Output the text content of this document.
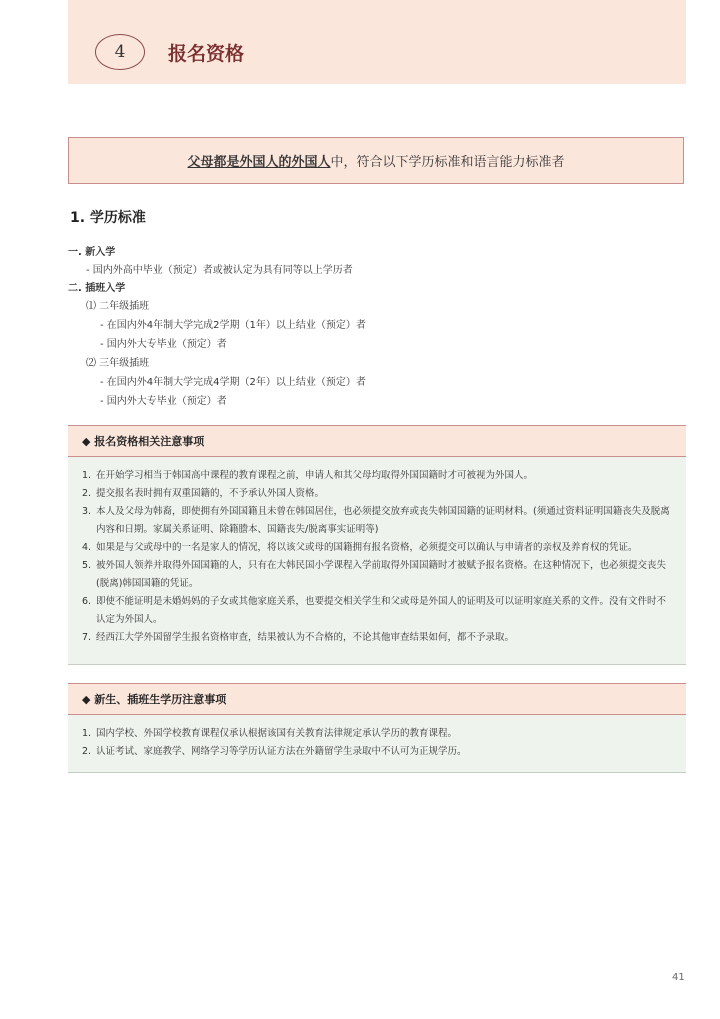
4	报名资格
父母都是外国人的外国人 中，符合以下学历标准和语言能力标准者
1. 学历标准
一. 新入学
- 国内外高中毕业（预定）者或被认定为具有同等以上学历者
二. 插班入学
⑴ 二年级插班
- 在国内外4年制大学完成2学期（1年）以上结业（预定）者
- 国内外大专毕业（预定）者
⑵ 三年级插班
- 在国内外4年制大学完成4学期（2年）以上结业（预定）者
- 国内外大专毕业（预定）者
◆ 报名资格相关注意事项
1. 在开始学习相当于韩国高中课程的教育课程之前，申请人和其父母均取得外国国籍时才可被视为外国人。
2. 提交报名表时拥有双重国籍的，不予承认外国人资格。
3. 本人及父母为韩裔，即使拥有外国国籍且未曾在韩国居住，也必须提交放弃或丧失韩国国籍的证明材料。(须通过资料证明国籍丧失及脱离内容和日期。家属关系证明、除籍謄本、国籍丧失/脱离事实证明等)
4. 如果是与父或母中的一名是家人的情况，将以该父或母的国籍拥有报名资格，必须提交可以确认与申请者的亲权及养育权的凭证。
5. 被外国人领养并取得外国国籍的人，只有在大韩民国小学课程入学前取得外国国籍时才被赋予报名资格。在这种情况下，也必须提交丧失(脱离)韩国国籍的凭证。
6. 即使不能证明是未婚妈妈的子女或其他家庭关系，也要提交相关学生和父或母是外国人的证明及可以证明家庭关系的文件。没有文件时不认定为外国人。
7. 经西江大学外国留学生报名资格审查，结果被认为不合格的，不论其他审查结果如何，都不予录取。
◆ 新生、插班生学历注意事项
1. 国内学校、外国学校教育课程仅承认根据该国有关教育法律规定承认学历的教育课程。
2. 认证考试、家庭教学、网络学习等学历认证方法在外籍留学生录取中不认可为正规学历。
41
